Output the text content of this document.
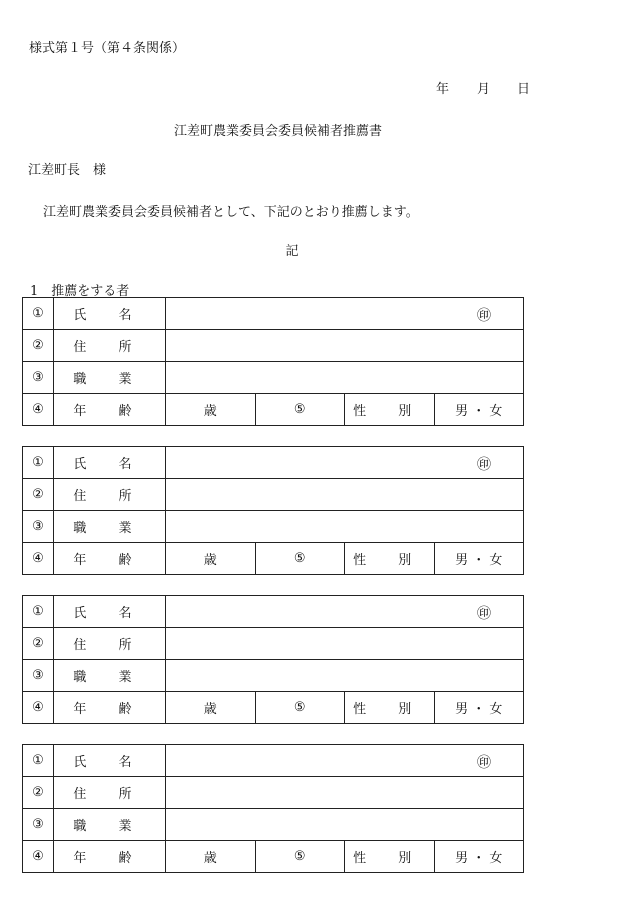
様式第１号（第４条関係）
年 月 日
江差町農業委員会委員候補者推薦書
江差町長　様
江差町農業委員会委員候補者として、下記のとおり推薦します。
記
1　推薦をする者
①	氏 名	㊞			

②	住 所				
③	職 業				
④	年 齢	歳	⑤	性 別	男 ・ 女
①	氏 名	㊞			

②	住 所				
③	職 業				
④	年 齢	歳	⑤	性 別	男 ・ 女
①	氏 名	㊞			

②	住 所				
③	職 業				
④	年 齢	歳	⑤	性 別	男 ・ 女
①	氏 名	㊞			

②	住 所				
③	職 業				
④	年 齢	歳	⑤	性 別	男 ・ 女
